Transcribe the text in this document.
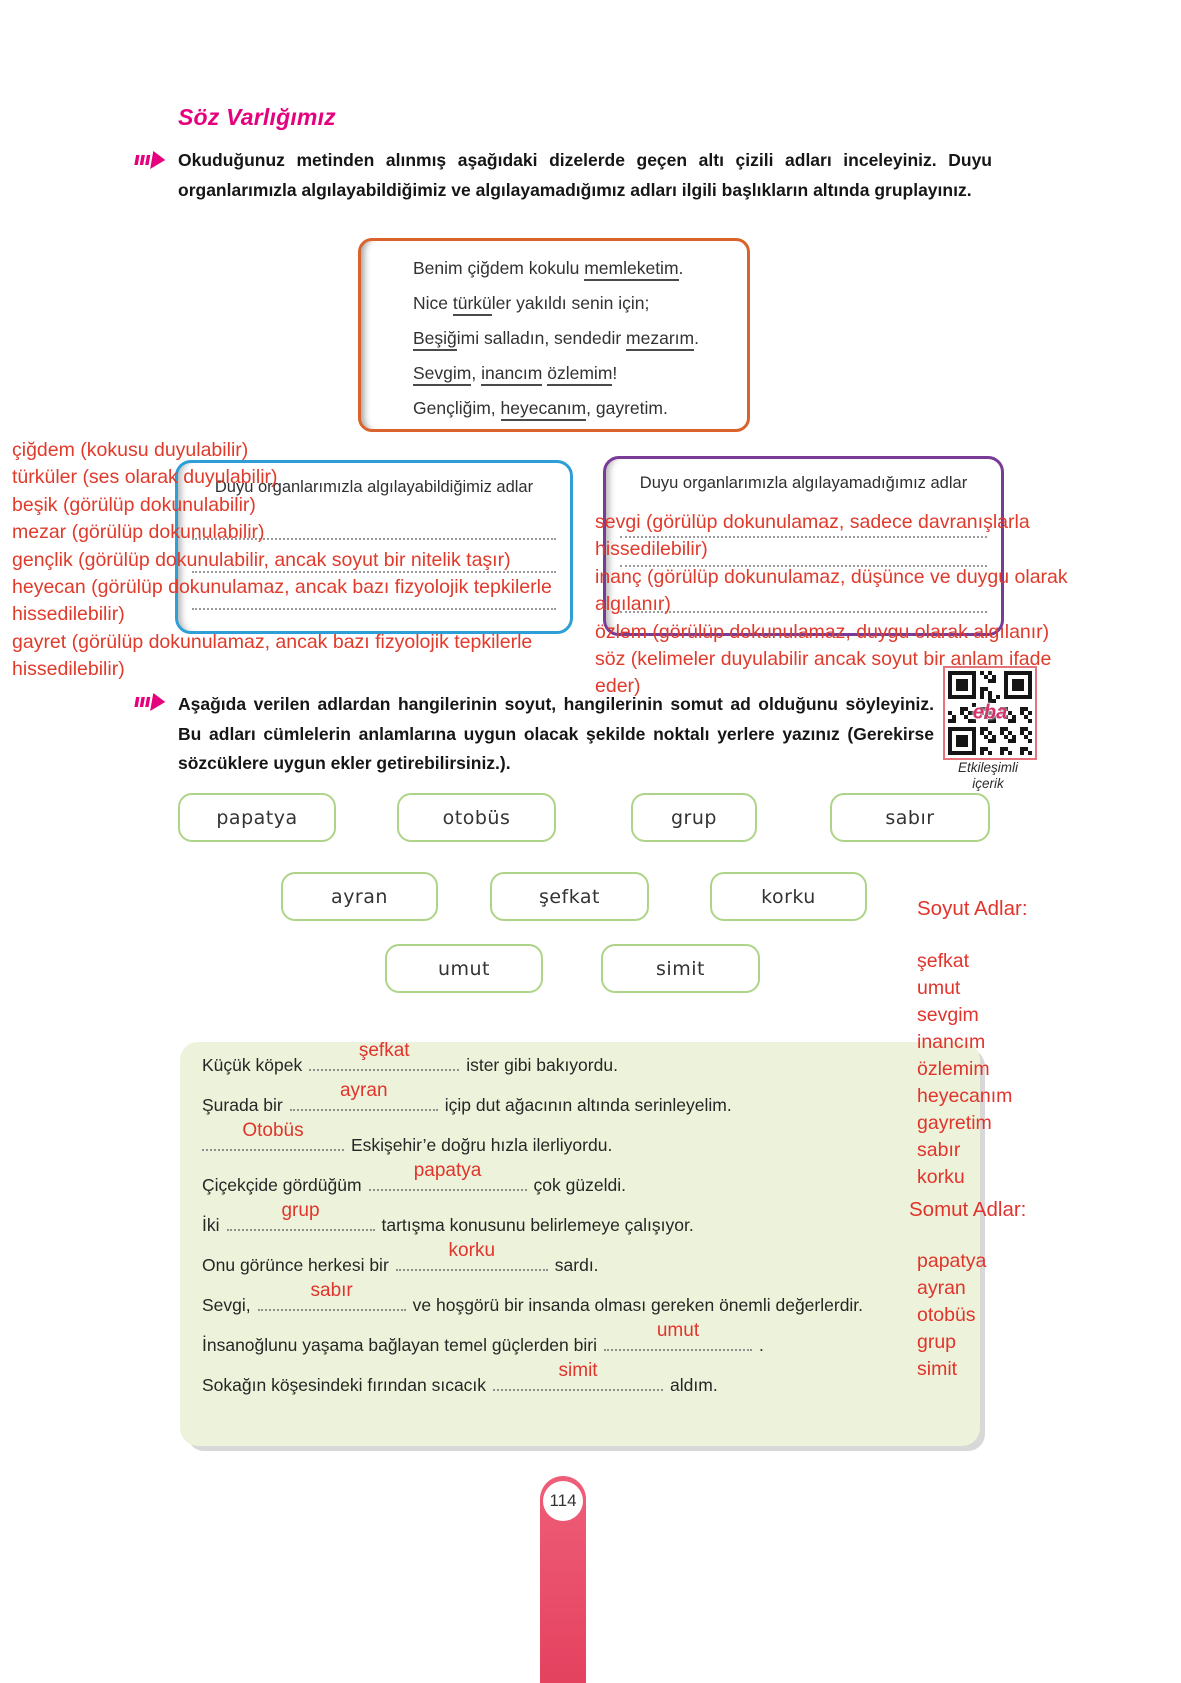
Söz Varlığımız
Okuduğunuz metinden alınmış aşağıdaki dizelerde geçen altı çizili adları inceleyiniz. Duyu organlarımızla algılayabildiğimiz ve algılayamadığımız adları ilgili başlıkların altında gruplayınız.
Benim çiğdem kokulu memleketim.
Nice türküler yakıldı senin için;
Beşiğimi salladın, sendedir mezarım.
Sevgim, inancım özlemim!
Gençliğim, heyecanım, gayretim.
Duyu organlarımızla algılayabildiğimiz adlar	Duyu organlarımızla algılayamadığımız adlar
çiğdem (kokusu duyulabilir)
türküler (ses olarak duyulabilir)
beşik (görülüp dokunulabilir)
mezar (görülüp dokunulabilir)
gençlik (görülüp dokunulabilir, ancak soyut bir nitelik taşır)
heyecan (görülüp dokunulamaz, ancak bazı fizyolojik tepkilerle
hissedilebilir)
gayret (görülüp dokunulamaz, ancak bazı fizyolojik tepkilerle
hissedilebilir)
sevgi (görülüp dokunulamaz, sadece davranışlarla
hissedilebilir)
inanç (görülüp dokunulamaz, düşünce ve duygu olarak
algılanır)
özlem (görülüp dokunulamaz, duygu olarak algılanır)
söz (kelimeler duyulabilir ancak soyut bir anlam ifade
eder)
Aşağıda verilen adlardan hangilerinin soyut, hangilerinin somut ad olduğunu söyleyiniz. Bu adları cümlelerin anlamlarına uygun olacak şekilde noktalı yerlere yazınız (Gerekirse sözcüklere uygun ekler getirebilirsiniz.).
eba
Etkileşimli
içerik
papatya	otobüs	grup	sabır
ayran	şefkat	korku
umut	simit
Soyut Adlar:
şefkat
umut
sevgim
inancım
özlemim
heyecanım
gayretim
sabır
korku
Somut Adlar:
papatya
ayran
otobüs
grup
simit
Küçük köpek
şefkat
ister gibi bakıyordu.
Şurada bir
ayran
içip dut ağacının altında serinleyelim.
Otobüs
Eskişehir’e doğru hızla ilerliyordu.
Çiçekçide gördüğüm
papatya
çok güzeldi.
İki
grup
tartışma konusunu belirlemeye çalışıyor.
Onu görünce herkesi bir
korku
sardı.
Sevgi,
sabır
ve hoşgörü bir insanda olması gereken önemli değerlerdir.
İnsanoğlunu yaşama bağlayan temel güçlerden biri
umut
.
Sokağın köşesindeki fırından sıcacık
simit
aldım.
114
